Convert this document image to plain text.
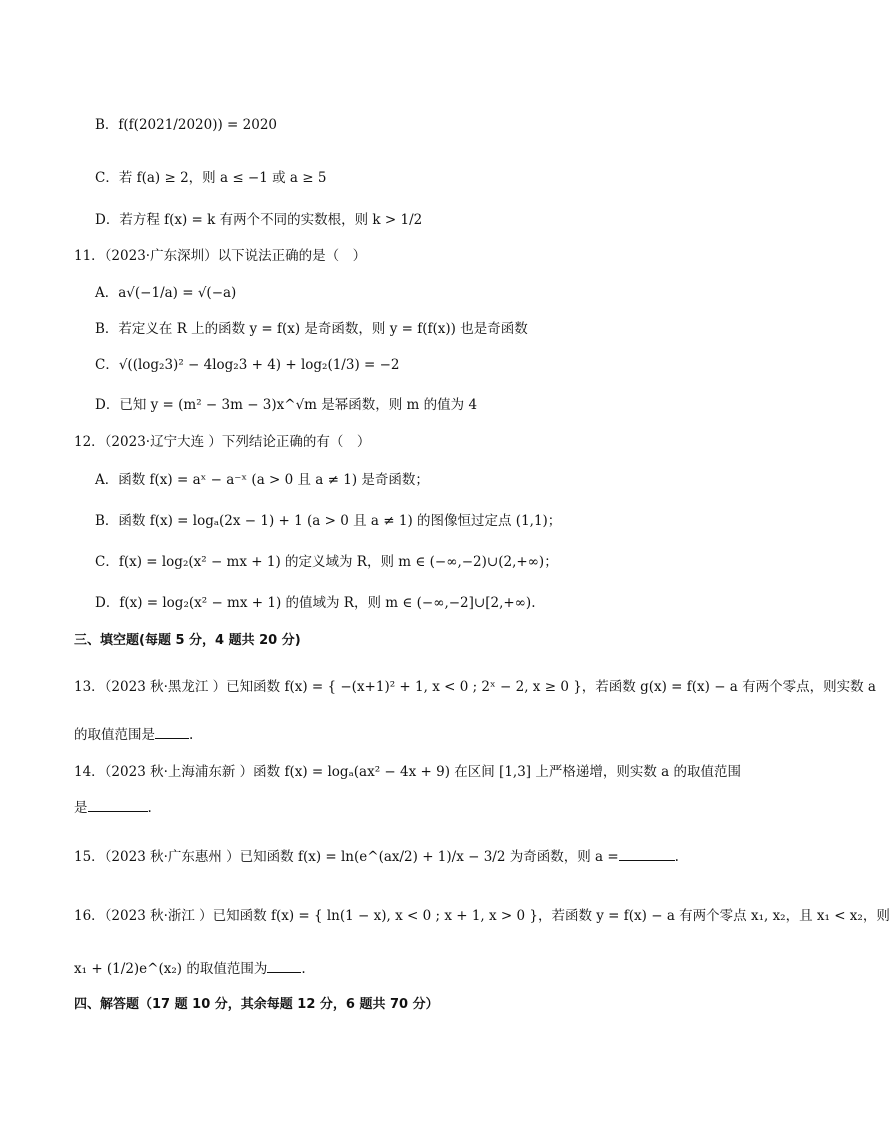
B．f(f(2021/2020)) = 2020
C．若 f(a) ≥ 2，则 a ≤ −1 或 a ≥ 5
D．若方程 f(x) = k 有两个不同的实数根，则 k > 1/2
11．（2023·广东深圳）以下说法正确的是（　）
A．a√(−1/a) = √(−a)
B．若定义在 R 上的函数 y = f(x) 是奇函数，则 y = f(f(x)) 也是奇函数
C．√((log₂3)² − 4log₂3 + 4) + log₂(1/3) = −2
D．已知 y = (m² − 3m − 3)x^√m 是幂函数，则 m 的值为 4
12．（2023·辽宁大连 ）下列结论正确的有（　）
A．函数 f(x) = aˣ − a⁻ˣ (a > 0 且 a ≠ 1) 是奇函数；
B．函数 f(x) = logₐ(2x − 1) + 1 (a > 0 且 a ≠ 1) 的图像恒过定点 (1,1)；
C．f(x) = log₂(x² − mx + 1) 的定义域为 R，则 m ∈ (−∞,−2)∪(2,+∞)；
D．f(x) = log₂(x² − mx + 1) 的值域为 R，则 m ∈ (−∞,−2]∪[2,+∞).
三、填空题(每题 5 分，4 题共 20 分)
13．（2023 秋·黑龙江 ）已知函数 f(x) = { −(x+1)² + 1, x < 0 ; 2ˣ − 2, x ≥ 0 }，若函数 g(x) = f(x) − a 有两个零点，则实数 a
的取值范围是	.
14．（2023 秋·上海浦东新 ）函数 f(x) = logₐ(ax² − 4x + 9) 在区间 [1,3] 上严格递增，则实数 a 的取值范围
是	.
15．（2023 秋·广东惠州 ）已知函数 f(x) = ln(e^(ax/2) + 1)/x − 3/2 为奇函数，则 a =	.
16．（2023 秋·浙江 ）已知函数 f(x) = { ln(1 − x), x < 0 ; x + 1, x > 0 }，若函数 y = f(x) − a 有两个零点 x₁, x₂，且 x₁ < x₂，则
x₁ + (1/2)e^(x₂) 的取值范围为	.
四、解答题（17 题 10 分，其余每题 12 分，6 题共 70 分）
